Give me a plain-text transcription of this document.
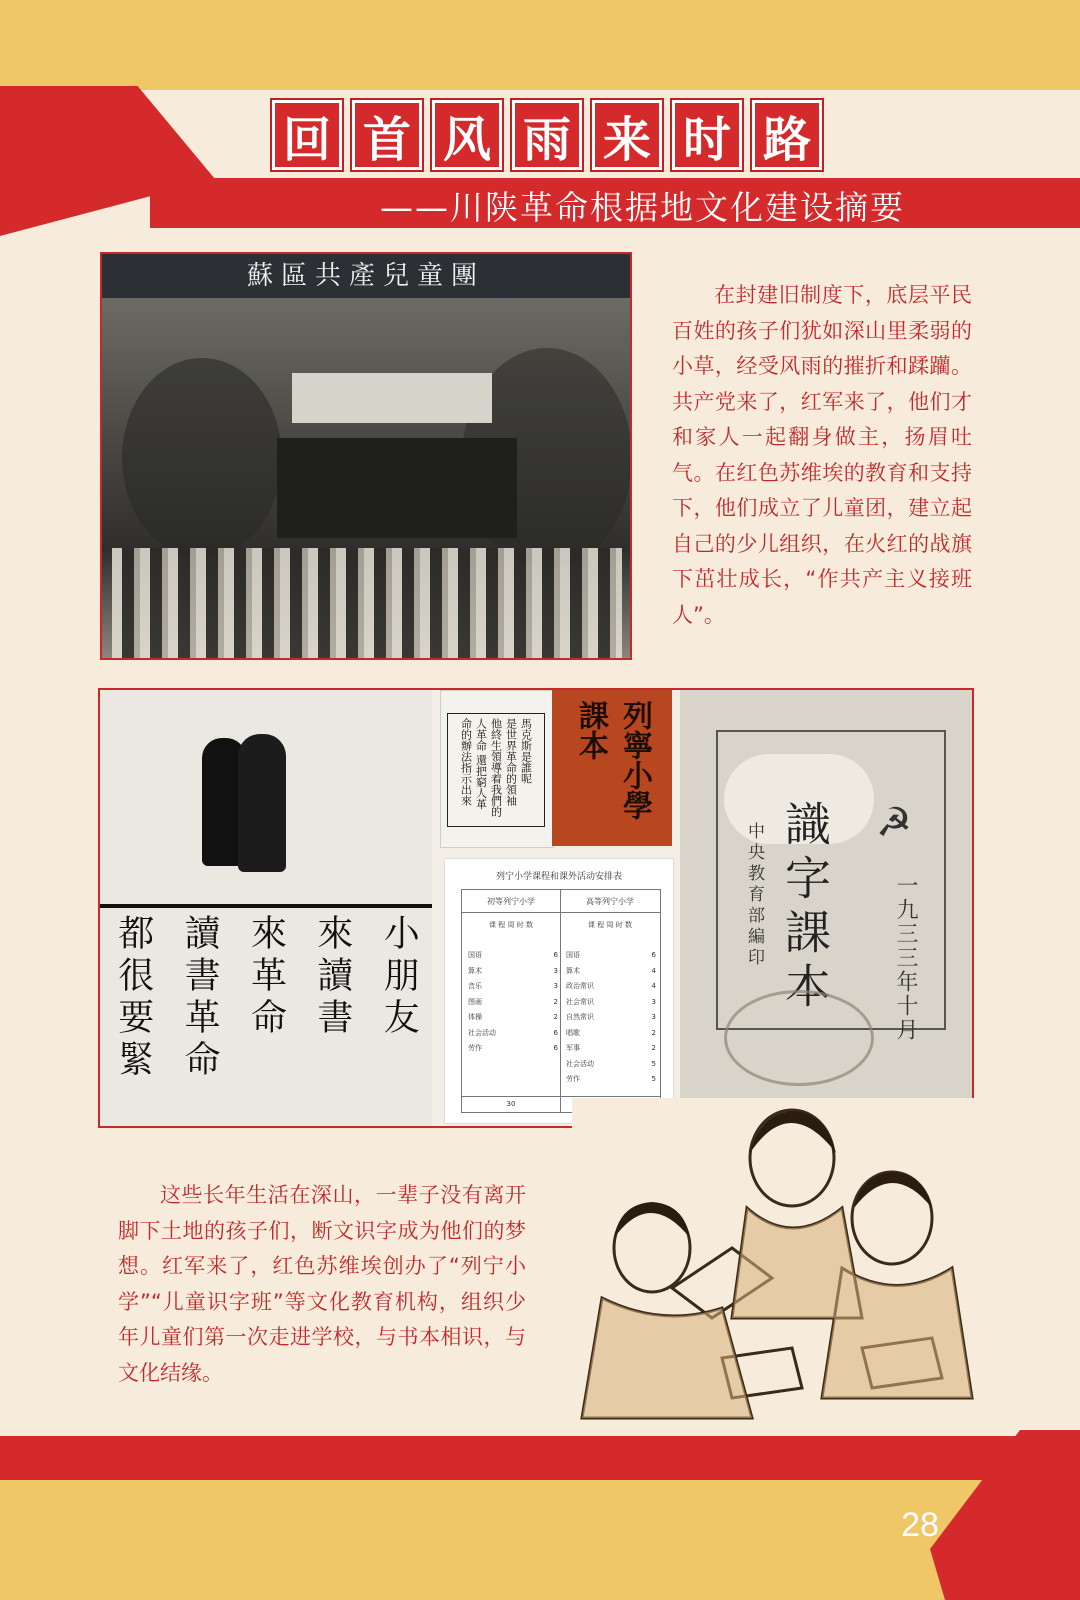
回 首 风 雨 来 时 路
——川陕革命根据地文化建设摘要
蘇區共產兒童團
在封建旧制度下，底层平民百姓的孩子们犹如深山里柔弱的小草，经受风雨的摧折和蹂躪。共产党来了，红军来了，他们才和家人一起翻身做主，扬眉吐气。在红色苏维埃的教育和支持下，他们成立了儿童团，建立起自己的少儿组织，在火红的战旗下茁壮成长，“作共产主义接班人”。
小朋友
來讀書
來革命
讀書革命
都很要緊
馬克斯是誰呢
是世界革命的領袖
他終生領導着我們的
人革命 還把窮人革
命的辦法指示出來	列寧小學課本
列宁小学课程和课外活动安排表
初等列宁小学	高等列宁小学
课 程 周 时 数	课 程 周 时 数
国语	6
算术	3
音乐	3
图画	2
体操	2
社会活动	6
劳作	6
国语	6
算术	4
政治常识	4
社会常识	3
自然常识	3
唱歌	2
军事	2
社会活动	5
劳作	5
30
☭
識字課本
中央教育部編印	一九三三年十月
这些长年生活在深山，一辈子没有离开脚下土地的孩子们，断文识字成为他们的梦想。红军来了，红色苏维埃创办了“列宁小学”“儿童识字班”等文化教育机构，组织少年儿童们第一次走进学校，与书本相识，与文化结缘。
28
